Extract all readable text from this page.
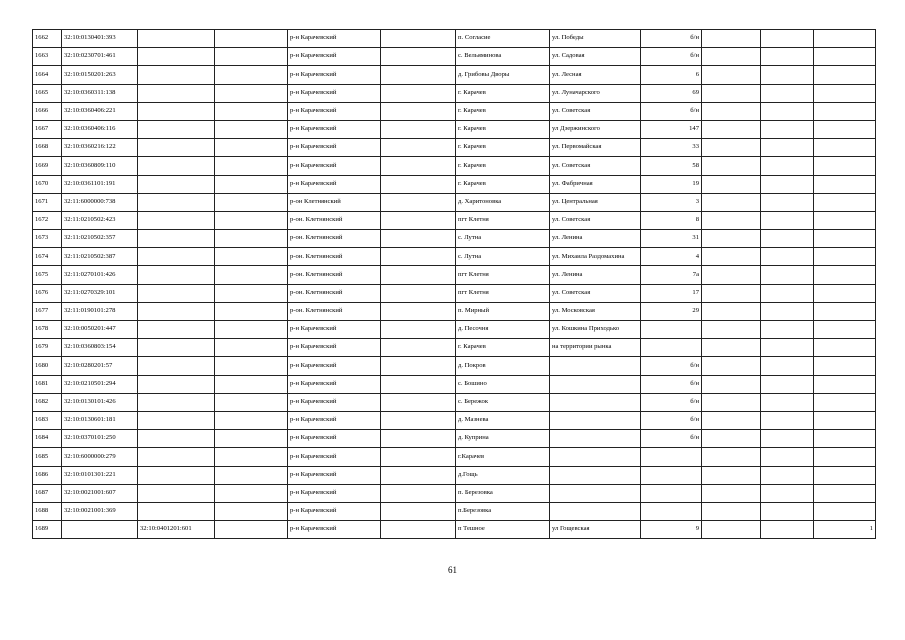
1662	32:10:0130401:393			р-н Карачевский		п. Согласие	ул. Победы	б/н			
1663	32:10:0230701:461			р-н Карачевский		с. Вельяминова	ул. Садовая	б/н			
1664	32:10:0150201:263			р-н Карачевский		д. Грибовы Дворы	ул. Лесная	6			
1665	32:10:0360311:138			р-н Карачевский		г. Карачев	ул. Луначарского	69			
1666	32:10:0360406:221			р-н Карачевский		г. Карачев	ул. Советская	б/н			
1667	32:10:0360406:116			р-н Карачевский		г. Карачев	ул Дзержинского	147			
1668	32:10:0360216:122			р-н Карачевский		г. Карачев	ул. Первомайская	33			
1669	32:10:0360809:110			р-н Карачевский		г. Карачев	ул. Советская	58			
1670	32:10:0361101:191			р-н Карачевский		г. Карачев	ул. Фабричная	19			
1671	32:11:6000000:738			р-он Клетнянский		д. Харитоновка	ул. Центральная	3			
1672	32:11:0210502:423			р-он. Клетнянский		пгт Клетня	ул. Советская	8			
1673	32:11:0210502:357			р-он. Клетнянский		с. Лутна	ул. Ленина	31			
1674	32:11:0210502:387			р-он. Клетнянский		с. Лутна	ул. Михаила Раздомахина	4			
1675	32:11:0270101:426			р-он. Клетнянский		пгт Клетня	ул. Ленина	7а			
1676	32:11:0270329:101			р-он. Клетнянский		пгт Клетня	ул. Советская	17			
1677	32:11:0190101:278			р-он. Клетнянский		п. Мирный	ул. Московская	29			
1678	32:10:0050201:447			р-н Карачевский		д. Песочня	ул. Кошкина Приходько				
1679	32:10:0360803:154			р-н Карачевский		г. Карачев	на территории рынка				
1680	32:10:0280201:57			р-н Карачевский		д. Покров		б/н			
1681	32:10:0210501:294			р-н Карачевский		с. Бошино		б/н			
1682	32:10:0130101:426			р-н Карачевский		с. Бережок		б/н			
1683	32:10:0130601:181			р-н Карачевский		д. Мазнева		б/н			
1684	32:10:0370101:250			р-н Карачевский		д. Куприна		б/н			
1685	32:10:6000000:279			р-н Карачевский		г.Карачев					
1686	32:10:0101301:221			р-н Карачевский		д.Гощь					
1687	32:10:0021001:607			р-н Карачевский		п. Березовка					
1688	32:10:0021001:369			р-н Карачевский		п.Березовка					
1689		32:10:0401201:601		р-н Карачевский		п Тешное	ул Гощевская	9			1
61
